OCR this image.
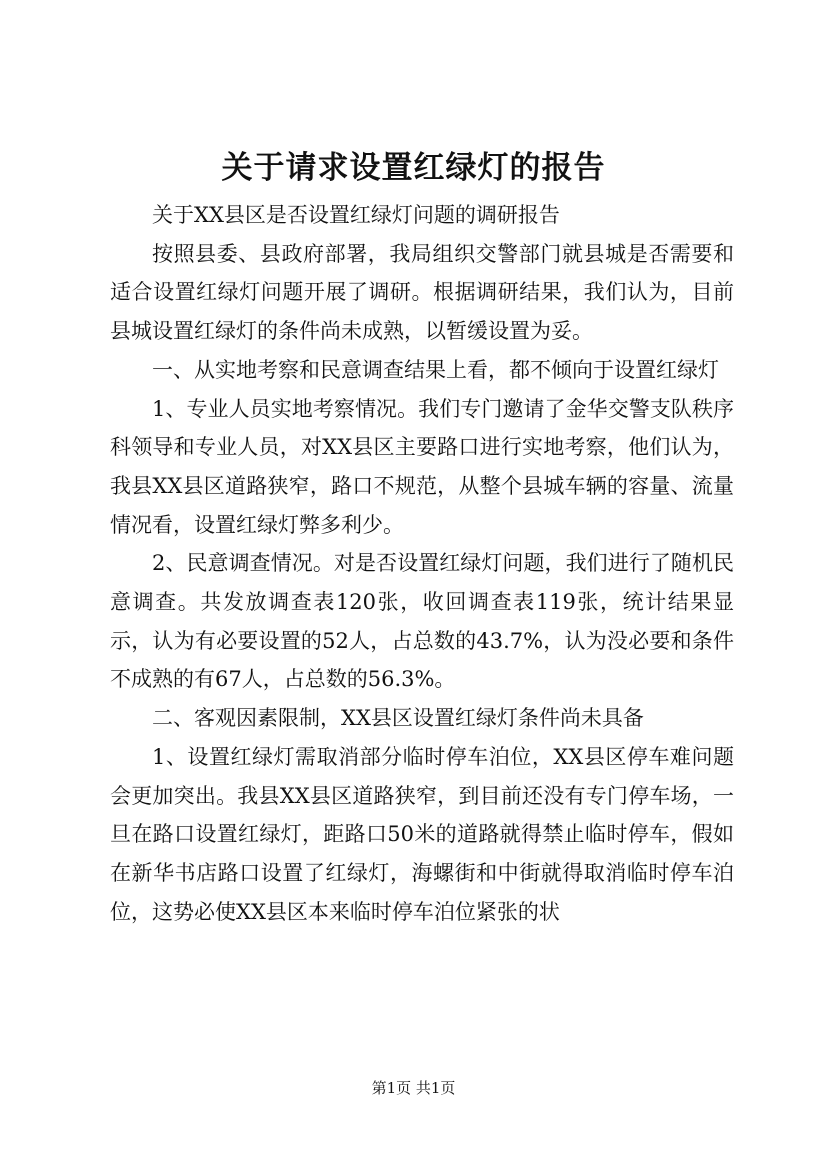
关于请求设置红绿灯的报告

关于XX县区是否设置红绿灯问题的调研报告

按照县委、县政府部署，我局组织交警部门就县城是否需要和适合设置红绿灯问题开展了调研。根据调研结果，我们认为，目前县城设置红绿灯的条件尚未成熟，以暂缓设置为妥。

一、从实地考察和民意调查结果上看，都不倾向于设置红绿灯

1、专业人员实地考察情况。我们专门邀请了金华交警支队秩序科领导和专业人员，对XX县区主要路口进行实地考察，他们认为，我县XX县区道路狭窄，路口不规范，从整个县城车辆的容量、流量情况看，设置红绿灯弊多利少。

2、民意调查情况。对是否设置红绿灯问题，我们进行了随机民意调查。共发放调查表120张，收回调查表119张，统计结果显示，认为有必要设置的52人，占总数的43.7%，认为没必要和条件不成熟的有67人，占总数的56.3%。

二、客观因素限制，XX县区设置红绿灯条件尚未具备

1、设置红绿灯需取消部分临时停车泊位，XX县区停车难问题会更加突出。我县XX县区道路狭窄，到目前还没有专门停车场，一旦在路口设置红绿灯，距路口50米的道路就得禁止临时停车，假如在新华书店路口设置了红绿灯，海螺街和中街就得取消临时停车泊位，这势必使XX县区本来临时停车泊位紧张的状

第1页 共1页
